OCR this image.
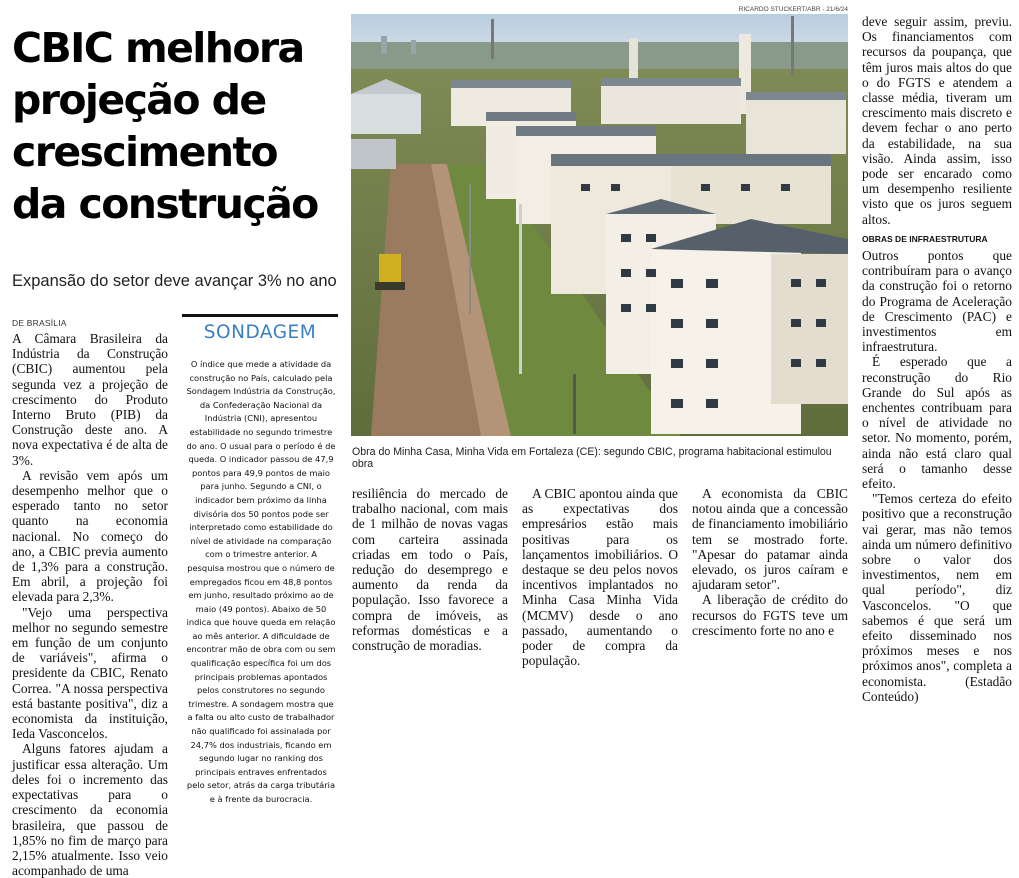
CBIC melhora projeção de crescimento da construção
Expansão do setor deve avançar 3% no ano
DE BRASÍLIA

A Câmara Brasileira da Indústria da Construção (CBIC) aumentou pela segunda vez a projeção de crescimento do Produto Interno Bruto (PIB) da Construção deste ano. A nova expectativa é de alta de 3%.

A revisão vem após um desempenho melhor que o esperado tanto no setor quanto na economia nacional. No começo do ano, a CBIC previa aumento de 1,3% para a construção. Em abril, a projeção foi elevada para 2,3%.

"Vejo uma perspectiva melhor no segundo semestre em função de um conjunto de variáveis", afirma o presidente da CBIC, Renato Correa. "A nossa perspectiva está bastante positiva", diz a economista da instituição, Ieda Vasconcelos.

Alguns fatores ajudam a justificar essa alteração. Um deles foi o incremento das expectativas para o crescimento da economia brasileira, que passou de 1,85% no fim de março para 2,15% atualmente. Isso veio acompanhado de uma

SONDAGEM
O índice que mede a atividade da construção no País, calculado pela Sondagem Indústria da Construção, da Confederação Nacional da Indústria (CNI), apresentou estabilidade no segundo trimestre do ano. O usual para o período é de queda. O indicador passou de 47,9 pontos para 49,9 pontos de maio para junho. Segundo a CNI, o indicador bem próximo da linha divisória dos 50 pontos pode ser interpretado como estabilidade do nível de atividade na comparação com o trimestre anterior. A pesquisa mostrou que o número de empregados ficou em 48,8 pontos em junho, resultado próximo ao de maio (49 pontos). Abaixo de 50 indica que houve queda em relação ao mês anterior. A dificuldade de encontrar mão de obra com ou sem qualificação específica foi um dos principais problemas apontados pelos construtores no segundo trimestre. A sondagem mostra que a falta ou alto custo de trabalhador não qualificado foi assinalada por 24,7% dos industriais, ficando em segundo lugar no ranking dos principais entraves enfrentados pelo setor, atrás da carga tributária e à frente da burocracia.
RICARDO STUCKERT/ABR - 21/6/24
Obra do Minha Casa, Minha Vida em Fortaleza (CE): segundo CBIC, programa habitacional estimulou obra

resiliência do mercado de trabalho nacional, com mais de 1 milhão de novas vagas com carteira assinada criadas em todo o País, redução do desemprego e aumento da renda da população. Isso favorece a compra de imóveis, as reformas domésticas e a construção de moradias.

A CBIC apontou ainda que as expectativas dos empresários estão mais positivas para os lançamentos imobiliários. O destaque se deu pelos novos incentivos implantados no Minha Casa Minha Vida (MCMV) desde o ano passado, aumentando o poder de compra da população.

A economista da CBIC notou ainda que a concessão de financiamento imobiliário tem se mostrado forte. "Apesar do patamar ainda elevado, os juros caíram e ajudaram setor".

A liberação de crédito do recursos do FGTS teve um crescimento forte no ano e

deve seguir assim, previu. Os financiamentos com recursos da poupança, que têm juros mais altos do que o do FGTS e atendem a classe média, tiveram um crescimento mais discreto e devem fechar o ano perto da estabilidade, na sua visão. Ainda assim, isso pode ser encarado como um desempenho resiliente visto que os juros seguem altos.

OBRAS DE INFRAESTRUTURA

Outros pontos que contribuíram para o avanço da construção foi o retorno do Programa de Aceleração de Crescimento (PAC) e investimentos em infraestrutura.

É esperado que a reconstrução do Rio Grande do Sul após as enchentes contribuam para o nível de atividade no setor. No momento, porém, ainda não está claro qual será o tamanho desse efeito.

"Temos certeza do efeito positivo que a reconstrução vai gerar, mas não temos ainda um número definitivo sobre o valor dos investimentos, nem em qual período", diz Vasconcelos. "O que sabemos é que será um efeito disseminado nos próximos meses e nos próximos anos", completa a economista. (Estadão Conteúdo)
